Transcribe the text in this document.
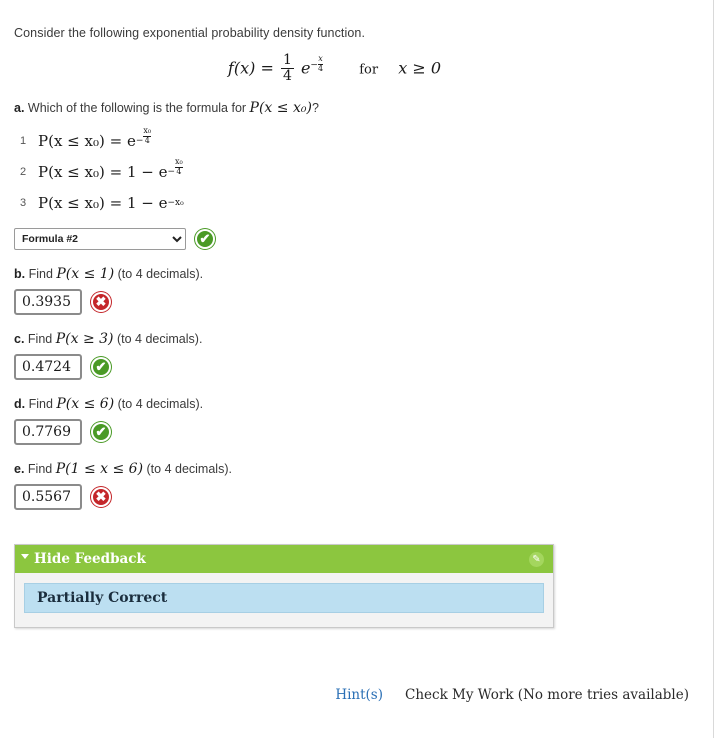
Consider the following exponential probability density function.
$f(x) = \frac{1}{4} e^- \frac{x}{4}$	for x ≥ 0
a. Which of the following is the formula for P(x ≤ x₀)?
1 P(x ≤ x₀) =
$e - \frac{\text{x₀}}{4}$
2 P(x ≤ x₀) = 1 −
$e - \frac{\text{x₀}}{4}$
3 P(x ≤ x₀) = 1 −
e − x₀
Formula #2
✔
b. Find P(x ≤ 1) (to 4 decimals).
0.3935
✖
c. Find P(x ≥ 3) (to 4 decimals).
0.4724
✔
d. Find P(x ≤ 6) (to 4 decimals).
0.7769
✔
e. Find P(1 ≤ x ≤ 6) (to 4 decimals).
0.5567
✖
Hide Feedback	✎
Partially Correct
Hint(s) Check My Work (No more tries available)
